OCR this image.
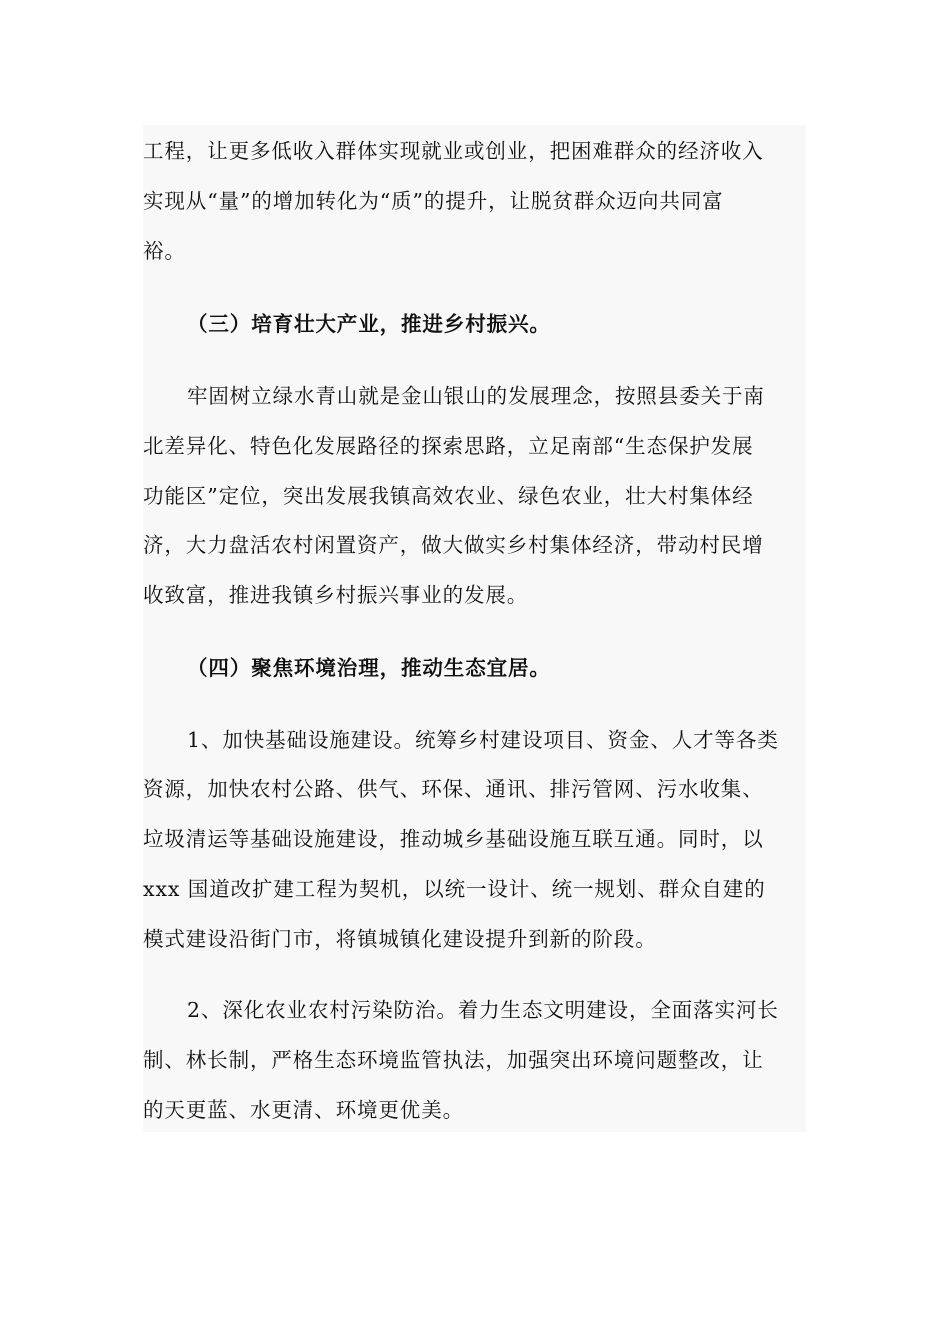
工程，让更多低收入群体实现就业或创业，把困难群众的经济收入
实现从“量”的增加转化为“质”的提升，让脱贫群众迈向共同富
裕。
（三）培育壮大产业，推进乡村振兴。
牢固树立绿水青山就是金山银山的发展理念，按照县委关于南
北差异化、特色化发展路径的探索思路，立足南部“生态保护发展
功能区”定位，突出发展我镇高效农业、绿色农业，壮大村集体经
济，大力盘活农村闲置资产，做大做实乡村集体经济，带动村民增
收致富，推进我镇乡村振兴事业的发展。
（四）聚焦环境治理，推动生态宜居。
1、加快基础设施建设。统筹乡村建设项目、资金、人才等各类
资源，加快农村公路、供气、环保、通讯、排污管网、污水收集、
垃圾清运等基础设施建设，推动城乡基础设施互联互通。同时，以
xxx 国道改扩建工程为契机，以统一设计、统一规划、群众自建的
模式建设沿街门市，将镇城镇化建设提升到新的阶段。
2、深化农业农村污染防治。着力生态文明建设，全面落实河长
制、林长制，严格生态环境监管执法，加强突出环境问题整改，让
的天更蓝、水更清、环境更优美。
